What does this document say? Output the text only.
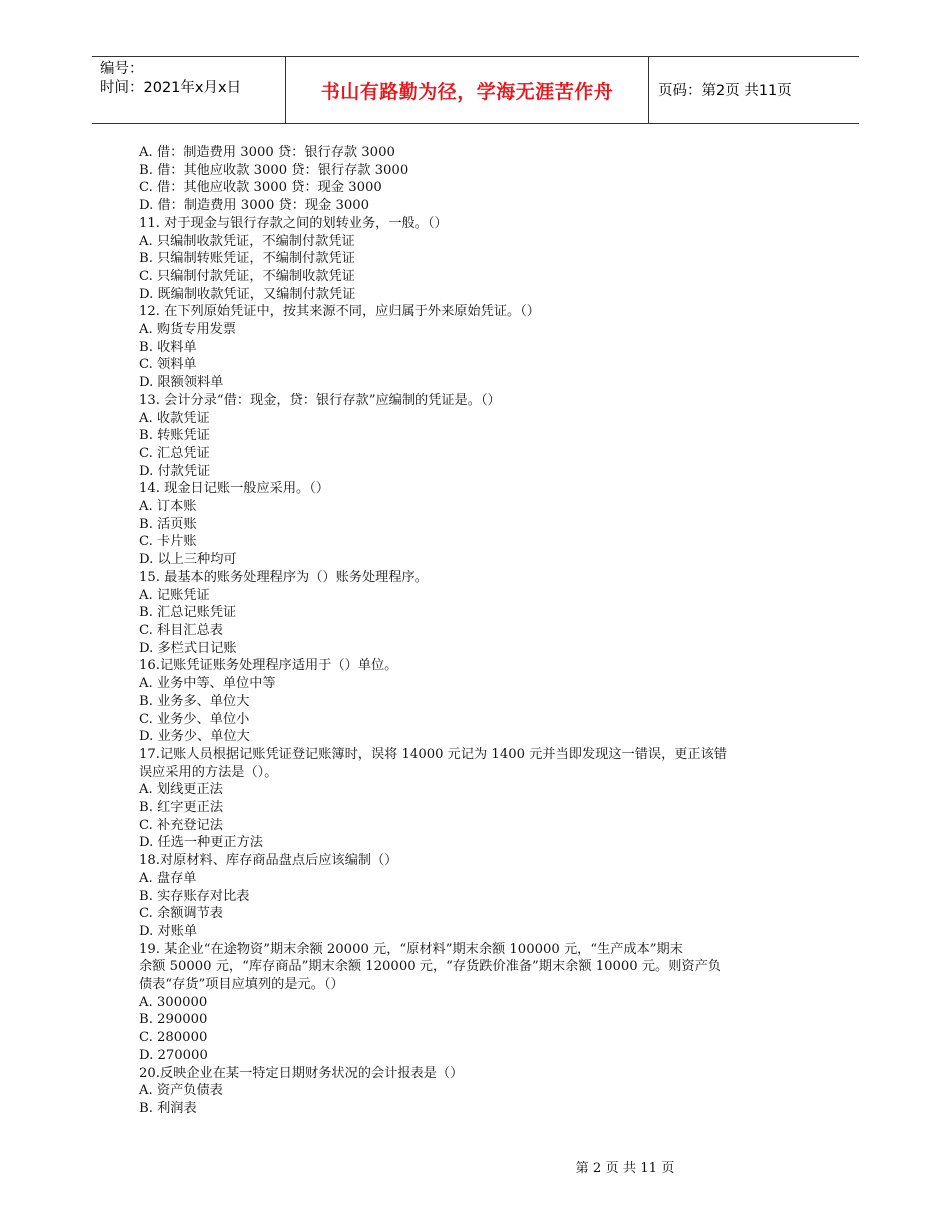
编号：
时间：2021年x月x日	书山有路勤为径，学海无涯苦作舟	页码：第2页 共11页
A. 借：制造费用 3000 贷：银行存款 3000
B. 借：其他应收款 3000 贷：银行存款 3000
C. 借：其他应收款 3000 贷：现金 3000
D. 借：制造费用 3000 贷：现金 3000
11. 对于现金与银行存款之间的划转业务，一般。（）
A. 只编制收款凭证，不编制付款凭证
B. 只编制转账凭证，不编制付款凭证
C. 只编制付款凭证，不编制收款凭证
D. 既编制收款凭证，又编制付款凭证
12. 在下列原始凭证中，按其来源不同，应归属于外来原始凭证。（）
A. 购货专用发票
B. 收料单
C. 领料单
D. 限额领料单
13. 会计分录“借：现金，贷：银行存款”应编制的凭证是。（）
A. 收款凭证
B. 转账凭证
C. 汇总凭证
D. 付款凭证
14. 现金日记账一般应采用。（）
A. 订本账
B. 活页账
C. 卡片账
D. 以上三种均可
15. 最基本的账务处理程序为（）账务处理程序。
A. 记账凭证
B. 汇总记账凭证
C. 科目汇总表
D. 多栏式日记账
16.记账凭证账务处理程序适用于（）单位。
A. 业务中等、单位中等
B. 业务多、单位大
C. 业务少、单位小
D. 业务少、单位大
17.记账人员根据记账凭证登记账簿时，误将 14000 元记为 1400 元并当即发现这一错误，更正该错
误应采用的方法是（）。
A. 划线更正法
B. 红字更正法
C. 补充登记法
D. 任选一种更正方法
18.对原材料、库存商品盘点后应该编制（）
A. 盘存单
B. 实存账存对比表
C. 余额调节表
D. 对账单
19. 某企业“在途物资”期末余额 20000 元，“原材料”期末余额 100000 元，“生产成本”期末
余额 50000 元，“库存商品”期末余额 120000 元，“存货跌价准备”期末余额 10000 元。则资产负
债表“存货”项目应填列的是元。（）
A. 300000
B. 290000
C. 280000
D. 270000
20.反映企业在某一特定日期财务状况的会计报表是（）
A. 资产负债表
B. 利润表
第 2 页 共 11 页
